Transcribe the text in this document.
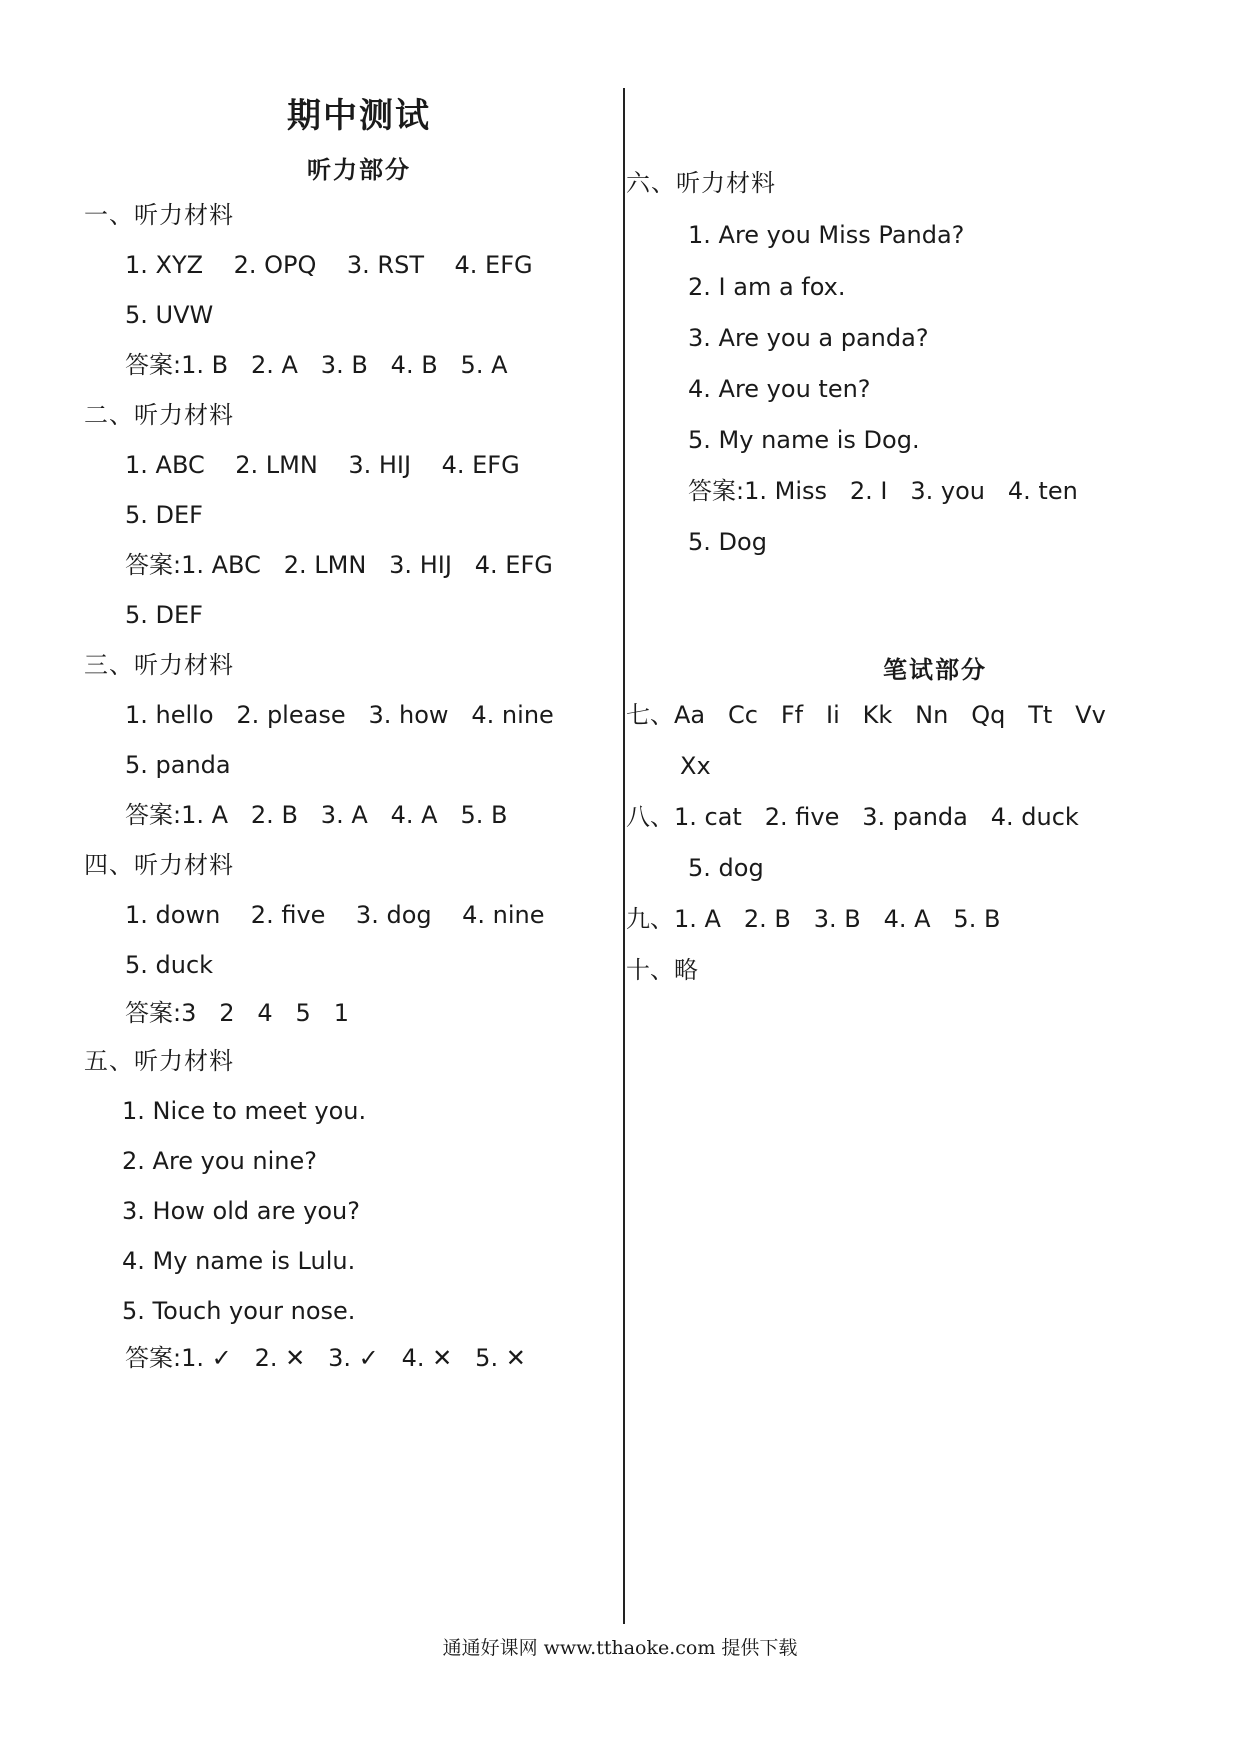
期中测试
听力部分
一、听力材料
1. XYZ    2. OPQ    3. RST    4. EFG
5. UVW
答案:1. B   2. A   3. B   4. B   5. A
二、听力材料
1. ABC    2. LMN    3. HIJ    4. EFG
5. DEF
答案:1. ABC   2. LMN   3. HIJ   4. EFG
5. DEF
三、听力材料
1. hello   2. please   3. how   4. nine
5. panda
答案:1. A   2. B   3. A   4. A   5. B
四、听力材料
1. down    2. five    3. dog    4. nine
5. duck
答案:3   2   4   5   1
五、听力材料
1. Nice to meet you.
2. Are you nine?
3. How old are you?
4. My name is Lulu.
5. Touch your nose.
答案:1. ✓   2. ✕   3. ✓   4. ✕   5. ✕
笔试部分
六、听力材料
1. Are you Miss Panda?
2. I am a fox.
3. Are you a panda?
4. Are you ten?
5. My name is Dog.
答案:1. Miss   2. I   3. you   4. ten
5. Dog
七、Aa   Cc   Ff   Ii   Kk   Nn   Qq   Tt   Vv
Xx
八、1. cat   2. five   3. panda   4. duck
5. dog
九、1. A   2. B   3. B   4. A   5. B
十、略
通通好课网 www.tthaoke.com 提供下载
